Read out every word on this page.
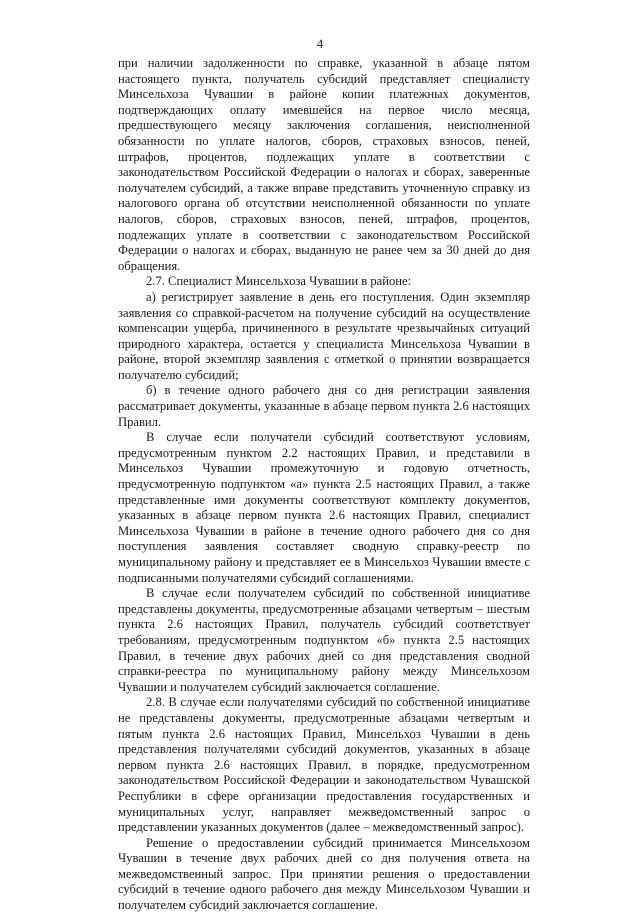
4

при наличии задолженности по справке, указанной в абзаце пятом настоящего пункта, получатель субсидий представляет специалисту Минсельхоза Чувашии в районе копии платежных документов, подтверждающих оплату имевшейся на первое число месяца, предшествующего месяцу заключения соглашения, неисполненной обязанности по уплате налогов, сборов, страховых взносов, пеней, штрафов, процентов, подлежащих уплате в соответствии с законодательством Российской Федерации о налогах и сборах, заверенные получателем субсидий, а также вправе представить уточненную справку из налогового органа об отсутствии неисполненной обязанности по уплате налогов, сборов, страховых взносов, пеней, штрафов, процентов, подлежащих уплате в соответствии с законодательством Российской Федерации о налогах и сборах, выданную не ранее чем за 30 дней до дня обращения.

2.7. Специалист Минсельхоза Чувашии в районе:

а) регистрирует заявление в день его поступления. Один экземпляр заявления со справкой-расчетом на получение субсидий на осуществление компенсации ущерба, причиненного в результате чрезвычайных ситуаций природного характера, остается у специалиста Минсельхоза Чувашии в районе, второй экземпляр заявления с отметкой о принятии возвращается получателю субсидий;

б) в течение одного рабочего дня со дня регистрации заявления рассматривает документы, указанные в абзаце первом пункта 2.6 настоящих Правил.

В случае если получатели субсидий соответствуют условиям, предусмотренным пунктом 2.2 настоящих Правил, и представили в Минсельхоз Чувашии промежуточную и годовую отчетность, предусмотренную подпунктом «а» пункта 2.5 настоящих Правил, а также представленные ими документы соответствуют комплекту документов, указанных в абзаце первом пункта 2.6 настоящих Правил, специалист Минсельхоза Чувашии в районе в течение одного рабочего дня со дня поступления заявления составляет сводную справку-реестр по муниципальному району и представляет ее в Минсельхоз Чувашии вместе с подписанными получателями субсидий соглашениями.

В случае если получателем субсидий по собственной инициативе представлены документы, предусмотренные абзацами четвертым – шестым пункта 2.6 настоящих Правил, получатель субсидий соответствует требованиям, предусмотренным подпунктом «б» пункта 2.5 настоящих Правил, в течение двух рабочих дней со дня представления сводной справки-реестра по муниципальному району между Минсельхозом Чувашии и получателем субсидий заключается соглашение.

2.8. В случае если получателями субсидий по собственной инициативе не представлены документы, предусмотренные абзацами четвертым и пятым пункта 2.6 настоящих Правил, Минсельхоз Чувашии в день представления получателями субсидий документов, указанных в абзаце первом пункта 2.6 настоящих Правил, в порядке, предусмотренном законодательством Российской Федерации и законодательством Чувашской Республики в сфере организации предоставления государственных и муниципальных услуг, направляет межведомственный запрос о представлении указанных документов (далее – межведомственный запрос).

Решение о предоставлении субсидий принимается Минсельхозом Чувашии в течение двух рабочих дней со дня получения ответа на межведомственный запрос. При принятии решения о предоставлении субсидий в течение одного рабочего дня между Минсельхозом Чувашии и получателем субсидий заключается соглашение.
